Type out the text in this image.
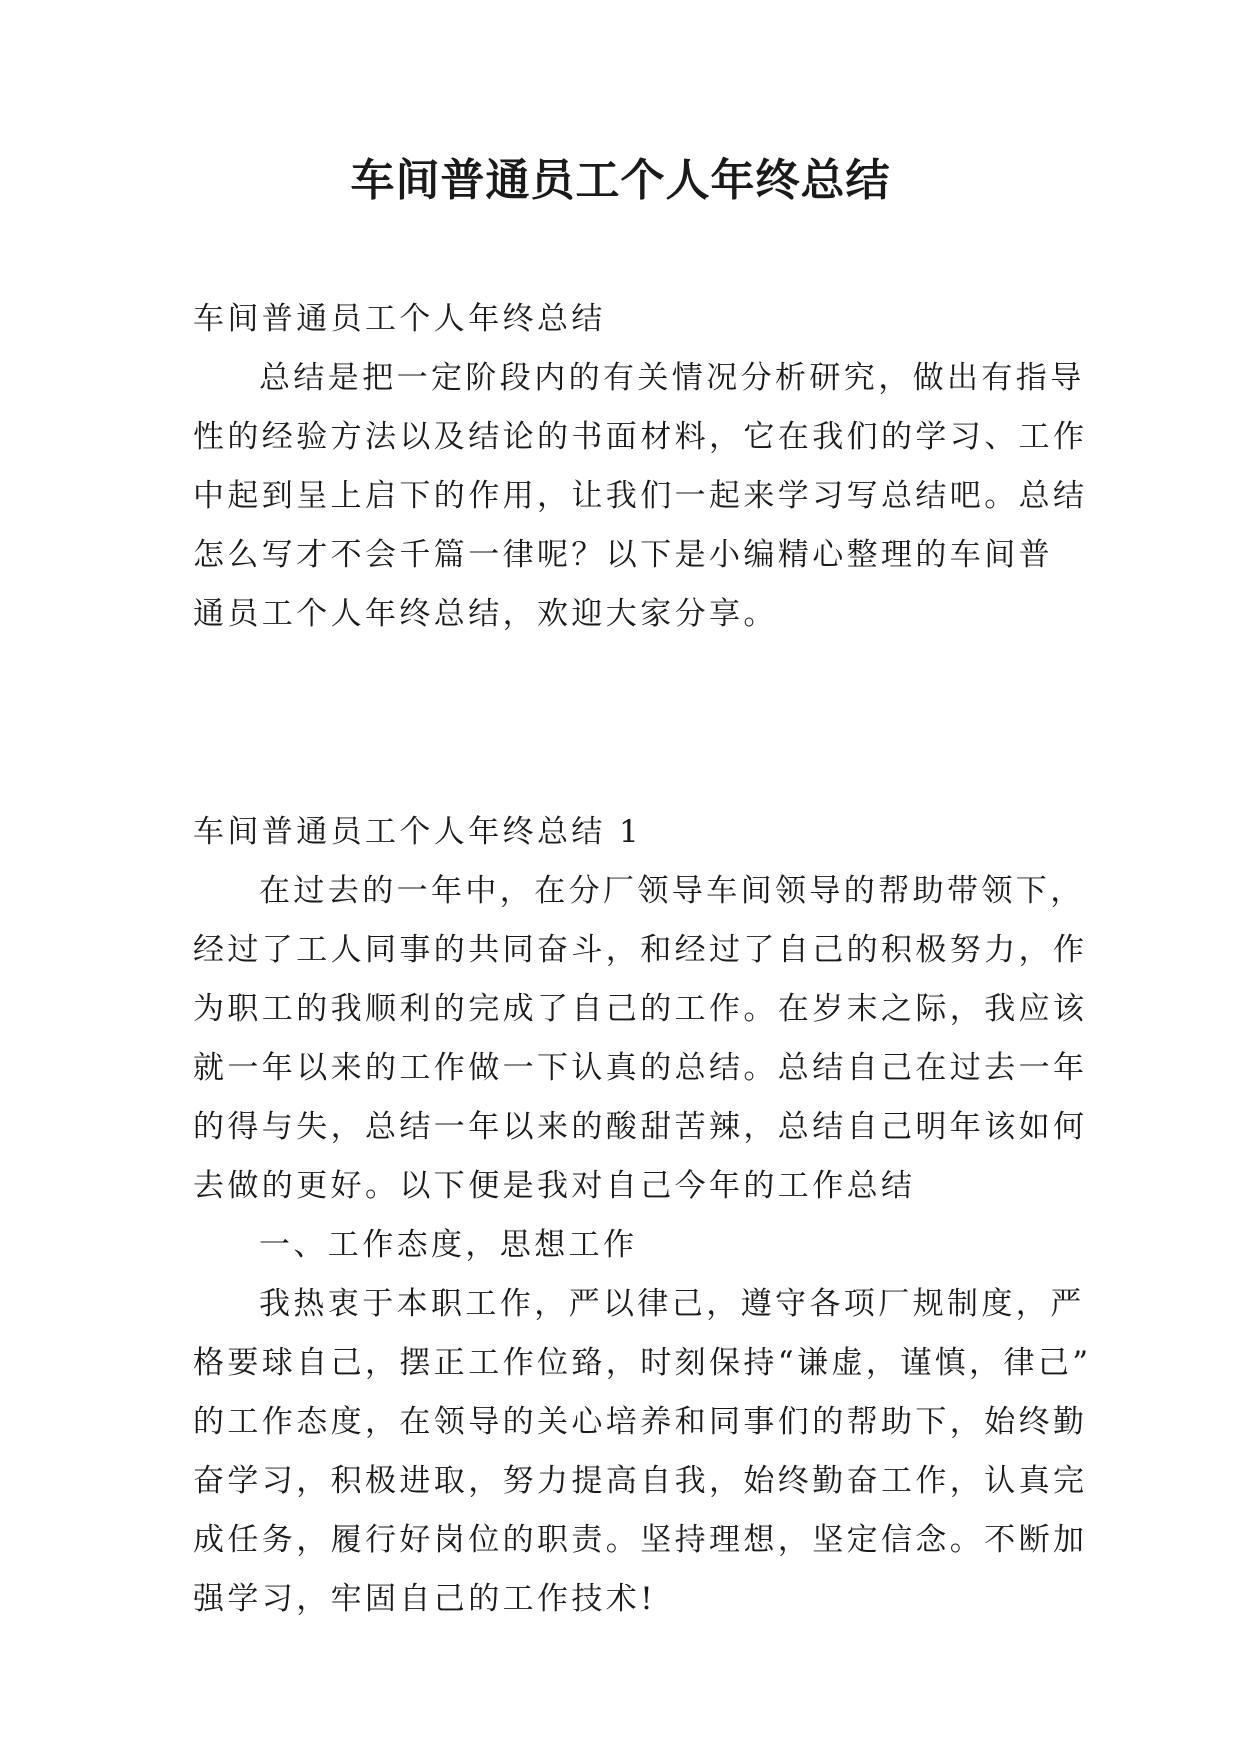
车间普通员工个人年终总结
车间普通员工个人年终总结
总结是把一定阶段内的有关情况分析研究，做出有指导
性的经验方法以及结论的书面材料，它在我们的学习、工作
中起到呈上启下的作用，让我们一起来学习写总结吧。总结
怎么写才不会千篇一律呢？以下是小编精心整理的车间普
通员工个人年终总结，欢迎大家分享。
车间普通员工个人年终总结 1
在过去的一年中，在分厂领导车间领导的帮助带领下，
经过了工人同事的共同奋斗，和经过了自己的积极努力，作
为职工的我顺利的完成了自己的工作。在岁末之际，我应该
就一年以来的工作做一下认真的总结。总结自己在过去一年
的得与失，总结一年以来的酸甜苦辣，总结自己明年该如何
去做的更好。以下便是我对自己今年的工作总结
一、工作态度，思想工作
我热衷于本职工作，严以律己，遵守各项厂规制度，严
格要球自己，摆正工作位臵，时刻保持“谦虚，谨慎，律己”
的工作态度，在领导的关心培养和同事们的帮助下，始终勤
奋学习，积极进取，努力提高自我，始终勤奋工作，认真完
成任务，履行好岗位的职责。坚持理想，坚定信念。不断加
强学习，牢固自己的工作技术!
